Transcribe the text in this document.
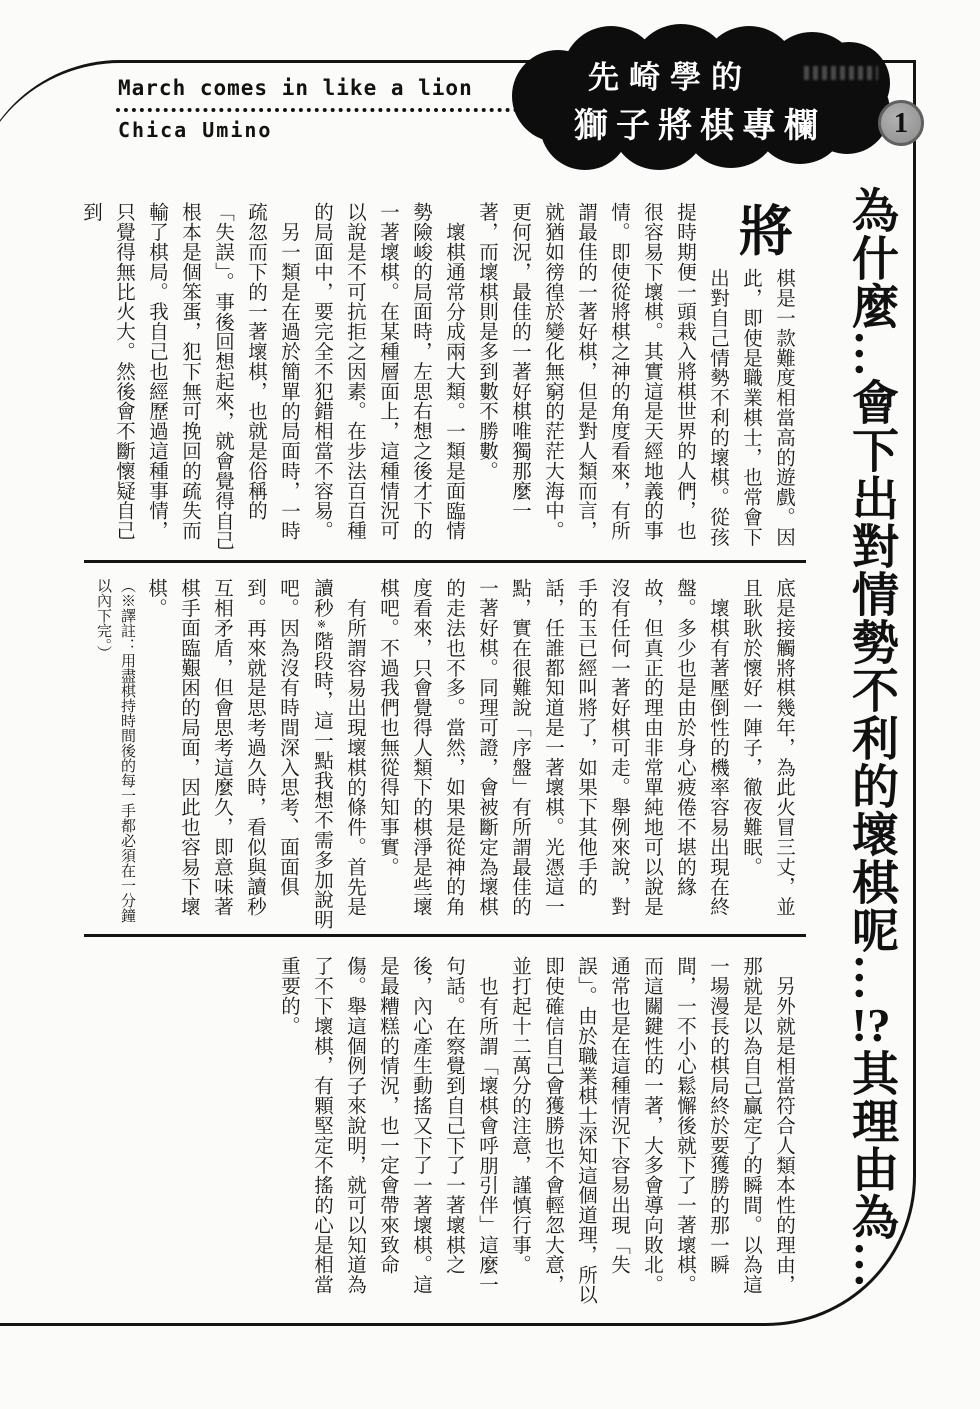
March comes in like a lion
Chica Umino
先崎學的
獅子將棋專欄 1
為什麼…會下出對情勢不利的壞棋呢…!?其理由為…

將
棋是一款難度相當高的遊戲。因此，即使是職業棋士，也常會下出對自己情勢不利的壞棋。從孩提時期便一頭栽入將棋世界的人們，也很容易下壞棋。其實這是天經地義的事情。即使從將棋之神的角度看來，有所謂最佳的一著好棋，但是對人類而言，就猶如徬徨於變化無窮的茫茫大海中。更何況，最佳的一著好棋唯獨那麼一著，而壞棋則是多到數不勝數。

壞棋通常分成兩大類。一類是面臨情勢險峻的局面時，左思右想之後才下的一著壞棋。在某種層面上，這種情況可以說是不可抗拒之因素。在步法百百種的局面中，要完全不犯錯相當不容易。

另一類是在過於簡單的局面時，一時疏忽而下的一著壞棋，也就是俗稱的「失誤」。事後回想起來，就會覺得自己根本是個笨蛋，犯下無可挽回的疏失而輸了棋局。我自己也經歷過這種事情，只覺得無比火大。然後會不斷懷疑自己到

底是接觸將棋幾年，為此火冒三丈，並且耿耿於懷好一陣子，徹夜難眠。

壞棋有著壓倒性的機率容易出現在終盤。多少也是由於身心疲倦不堪的緣故，但真正的理由非常單純地可以說是沒有任何一著好棋可走。舉例來說，對手的玉已經叫將了，如果下其他手的話，任誰都知道是一著壞棋。光憑這一點，實在很難說「序盤」有所謂最佳的一著好棋。同理可證，會被斷定為壞棋的走法也不多。當然，如果是從神的角度看來，只會覺得人類下的棋淨是些壞棋吧。不過我們也無從得知事實。

有所謂容易出現壞棋的條件。首先是讀秒※階段時，這一點我想不需多加說明吧。因為沒有時間深入思考、面面俱到。再來就是思考過久時，看似與讀秒互相矛盾，但會思考這麼久，即意味著棋手面臨艱困的局面，因此也容易下壞棋。

（※譯註：用盡棋持時間後的每一手都必須在一分鐘以內下完。）

另外就是相當符合人類本性的理由，那就是以為自己贏定了的瞬間。以為這一場漫長的棋局終於要獲勝的那一瞬間，一不小心鬆懈後就下了一著壞棋。而這關鍵性的一著，大多會導向敗北。通常也是在這種情況下容易出現「失誤」。由於職業棋士深知這個道理，所以即使確信自己會獲勝也不會輕忽大意，並打起十二萬分的注意，謹慎行事。

也有所謂「壞棋會呼朋引伴」這麼一句話。在察覺到自己下了一著壞棋之後，內心產生動搖又下了一著壞棋。這是最糟糕的情況，也一定會帶來致命傷。舉這個例子來說明，就可以知道為了不下壞棋，有顆堅定不搖的心是相當重要的。
